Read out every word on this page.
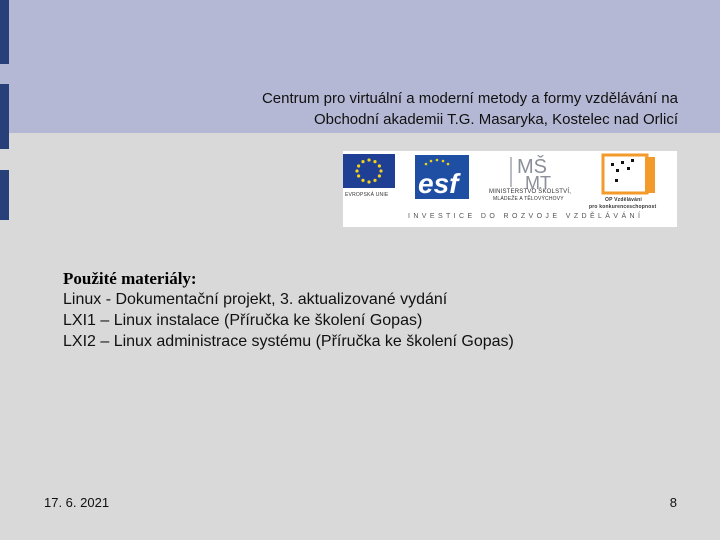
Centrum pro virtuální a moderní metody a formy vzdělávání na
Obchodní akademii T.G. Masaryka, Kostelec nad Orlicí
EVROPSKÁ UNIE esf
MŠ
MT
MINISTERSTVO ŠKOLSTVÍ,
MLÁDEŽE A TĚLOVÝCHOVY	OP Vzdělávání
pro konkurenceschopnost
INVESTICE DO ROZVOJE VZDĚLÁVÁNÍ
Použité materiály:
Linux - Dokumentační projekt, 3. aktualizované vydání
LXI1 – Linux instalace (Příručka ke školení Gopas)
LXI2 – Linux administrace systému (Příručka ke školení Gopas)
17. 6. 2021	8
